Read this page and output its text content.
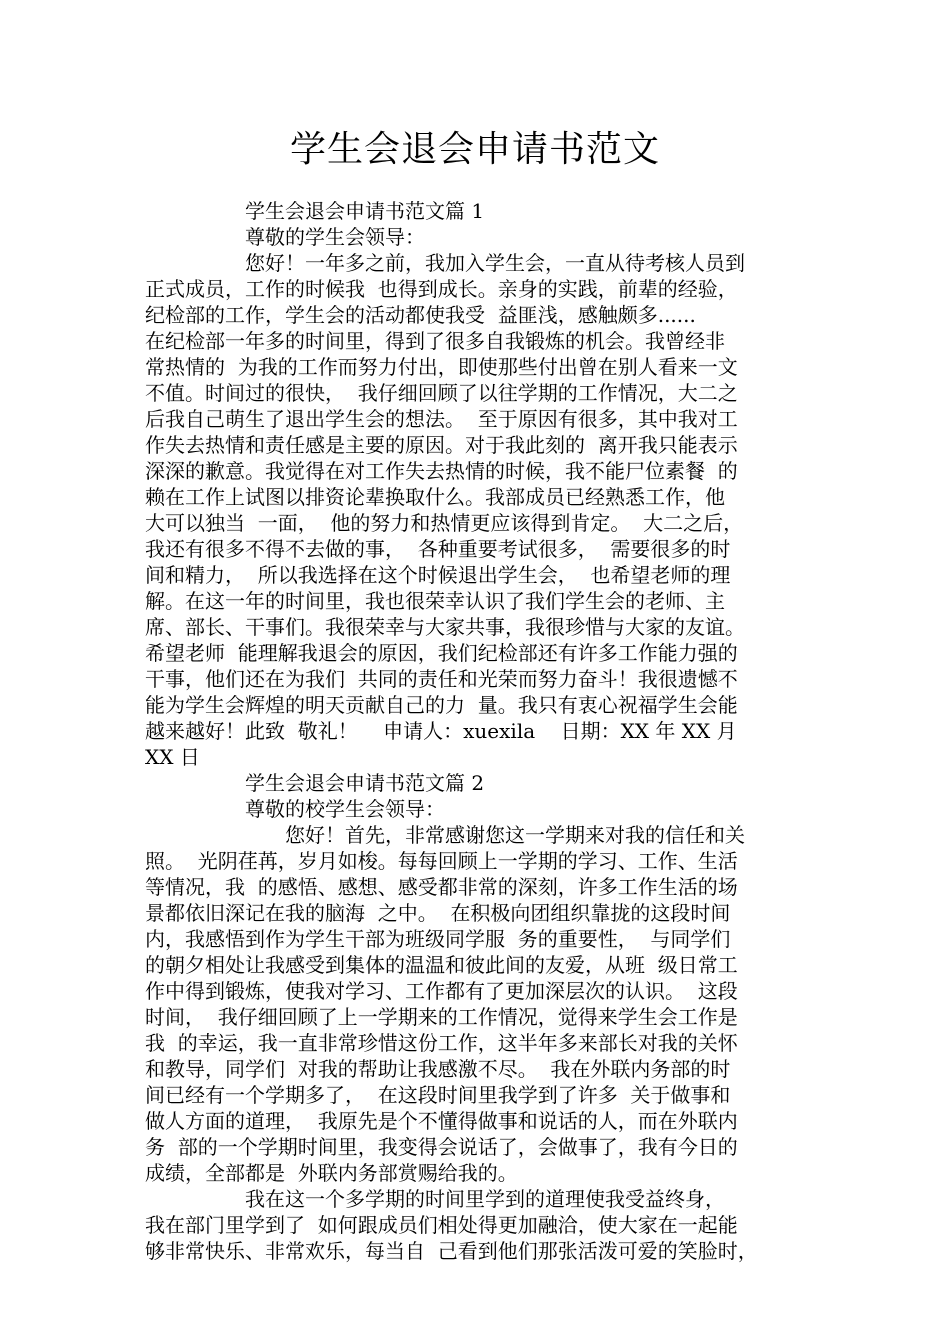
学生会退会申请书范文
　　　　　学生会退会申请书范文篇 1
　　　　　尊敬的学生会领导：
　　　　　您好！一年多之前，我加入学生会，一直从待考核人员到
正式成员，工作的时候我  也得到成长。亲身的实践，前辈的经验，
纪检部的工作，学生会的活动都使我受  益匪浅，感触颇多......
在纪检部一年多的时间里，得到了很多自我锻炼的机会。我曾经非
常热情的  为我的工作而努力付出，即使那些付出曾在别人看来一文
不值。时间过的很快，  我仔细回顾了以往学期的工作情况，大二之
后我自己萌生了退出学生会的想法。  至于原因有很多，其中我对工
作失去热情和责任感是主要的原因。对于我此刻的  离开我只能表示
深深的歉意。我觉得在对工作失去热情的时候，我不能尸位素餐  的
赖在工作上试图以排资论辈换取什么。我部成员已经熟悉工作，他
大可以独当  一面，  他的努力和热情更应该得到肯定。  大二之后，
我还有很多不得不去做的事，  各种重要考试很多，  需要很多的时
间和精力，  所以我选择在这个时候退出学生会，  也希望老师的理
解。在这一年的时间里，我也很荣幸认识了我们学生会的老师、主
席、部长、干事们。我很荣幸与大家共事，我很珍惜与大家的友谊。
希望老师  能理解我退会的原因，我们纪检部还有许多工作能力强的
干事，他们还在为我们  共同的责任和光荣而努力奋斗！我很遗憾不
能为学生会辉煌的明天贡献自己的力  量。我只有衷心祝福学生会能
越来越好！此致  敬礼！    申请人：xuexila    日期：XX 年 XX 月
XX 日
　　　　　学生会退会申请书范文篇 2
　　　　　尊敬的校学生会领导：
　　　　　　　您好！首先，非常感谢您这一学期来对我的信任和关
照。  光阴荏苒，岁月如梭。每每回顾上一学期的学习、工作、生活
等情况，我  的感悟、感想、感受都非常的深刻，许多工作生活的场
景都依旧深记在我的脑海  之中。  在积极向团组织靠拢的这段时间
内，我感悟到作为学生干部为班级同学服  务的重要性，  与同学们
的朝夕相处让我感受到集体的温温和彼此间的友爱，从班  级日常工
作中得到锻炼，使我对学习、工作都有了更加深层次的认识。  这段
时间，  我仔细回顾了上一学期来的工作情况，觉得来学生会工作是
我  的幸运，我一直非常珍惜这份工作，这半年多来部长对我的关怀
和教导，同学们  对我的帮助让我感激不尽。  我在外联内务部的时
间已经有一个学期多了，  在这段时间里我学到了许多  关于做事和
做人方面的道理，  我原先是个不懂得做事和说话的人，而在外联内
务  部的一个学期时间里，我变得会说话了，会做事了，我有今日的
成绩，全部都是  外联内务部赏赐给我的。
　　　　　我在这一个多学期的时间里学到的道理使我受益终身，
我在部门里学到了  如何跟成员们相处得更加融洽，使大家在一起能
够非常快乐、非常欢乐，每当自  己看到他们那张活泼可爱的笑脸时，
